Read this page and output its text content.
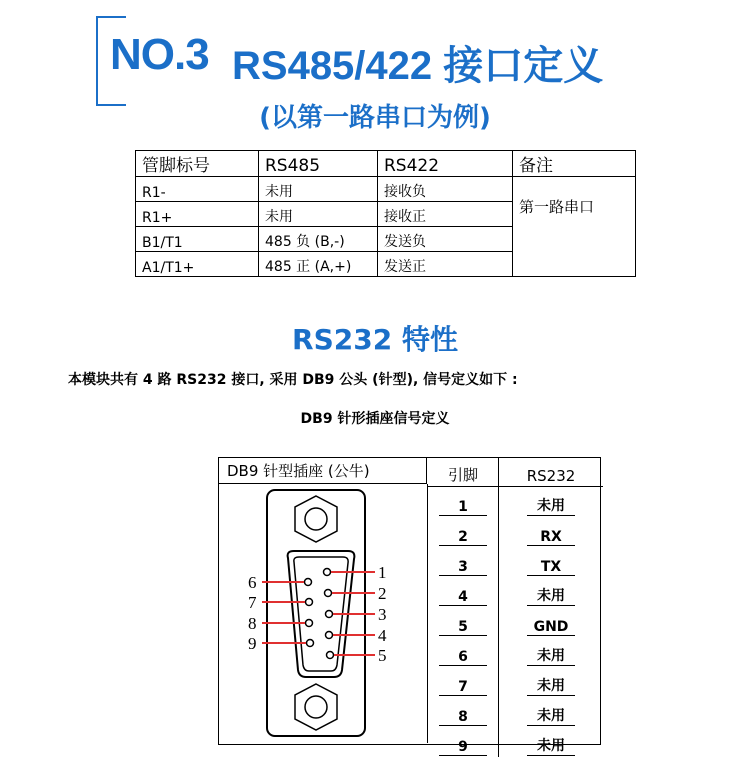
NO.3 RS485/422 接口定义
(以第一路串口为例)
管脚标号	RS485	RS422	备注
R1-	未用	接收负	第一路串口
R1+	未用	接收正	
B1/T1	485 负 (B,-)	发送负	
A1/T1+	485 正 (A,+)	发送正	
RS232 特性
本模块共有 4 路 RS232 接口, 采用 DB9 公头 (针型), 信号定义如下 :
DB9 针形插座信号定义
DB9 针型插座 (公牛)
1
2
3
4
5
6
7
8
9
引脚	RS232
1	未用
2	RX
3	TX
4	未用
5	GND
6	未用
7	未用
8	未用
9	未用
